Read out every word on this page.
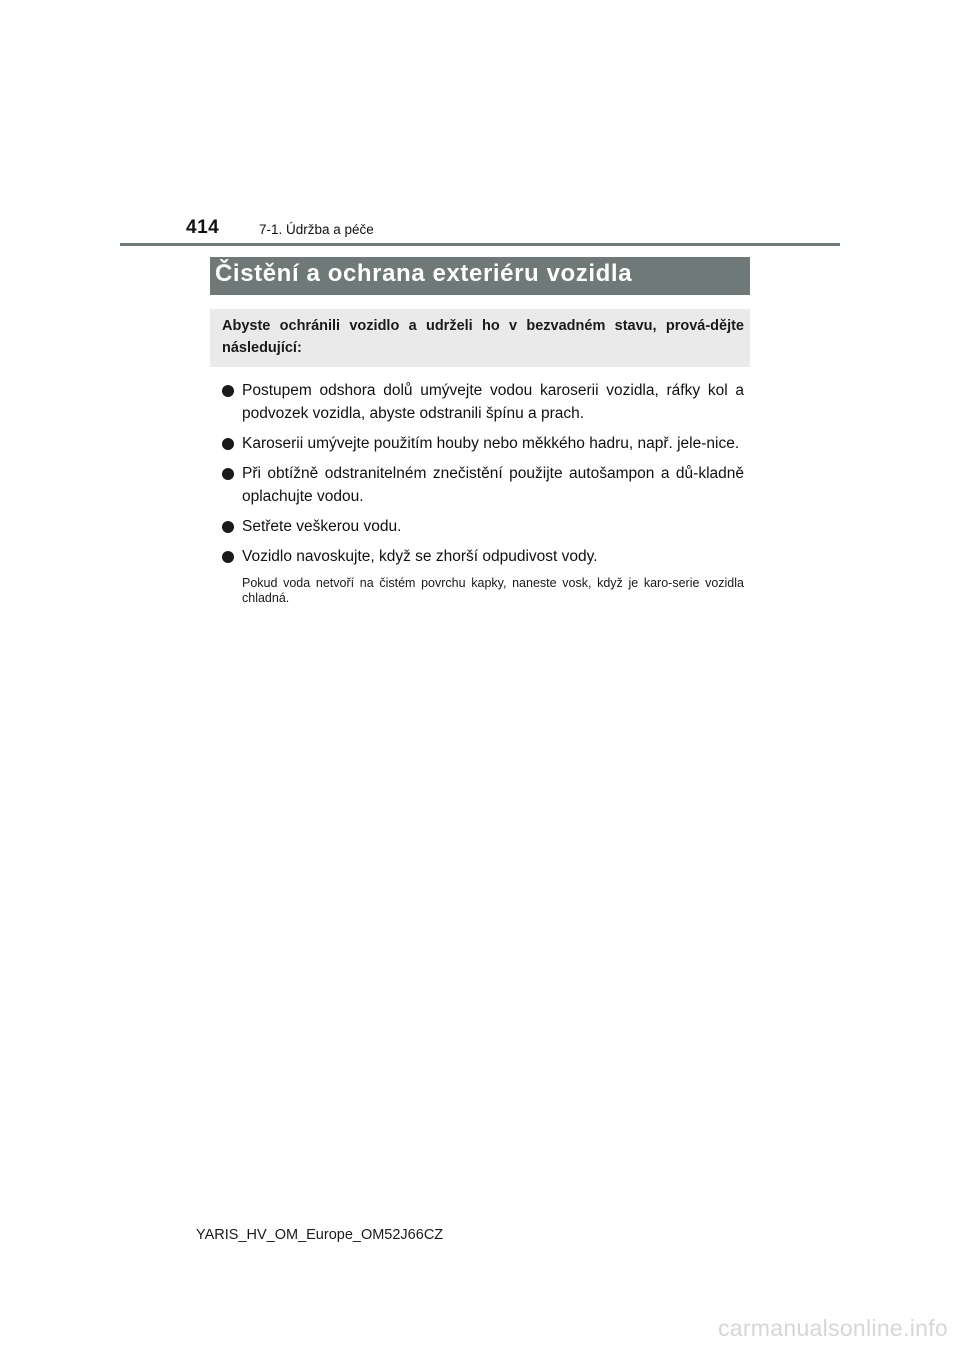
414	7-1. Údržba a péče
Čistění a ochrana exteriéru vozidla
Abyste ochránili vozidlo a udrželi ho v bezvadném stavu, prová-dějte následující:
Postupem odshora dolů umývejte vodou karoserii vozidla, ráfky kol a podvozek vozidla, abyste odstranili špínu a prach.
Karoserii umývejte použitím houby nebo měkkého hadru, např. jele-nice.
Při obtížně odstranitelném znečistění použijte autošampon a dů-kladně oplachujte vodou.
Setřete veškerou vodu.
Vozidlo navoskujte, když se zhorší odpudivost vody.
Pokud voda netvoří na čistém povrchu kapky, naneste vosk, když je karo-serie vozidla chladná.
YARIS_HV_OM_Europe_OM52J66CZ
carmanualsonline.info
